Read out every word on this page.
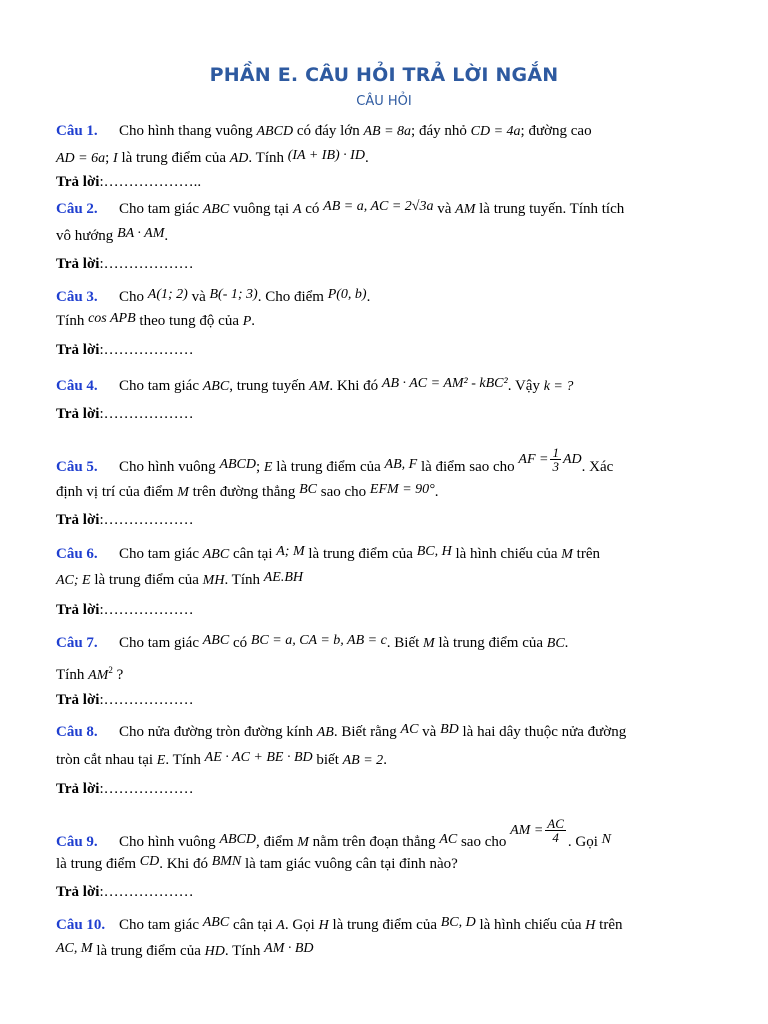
PHẦN E. CÂU HỎI TRẢ LỜI NGẮN
CÂU HỎI
Câu 1. Cho hình thang vuông ABCD có đáy lớn AB = 8a; đáy nhỏ CD = 4a; đường cao
AD = 6a; I là trung điểm của AD. Tính (IA + IB) · ID.
Trả lời:………………..
Câu 2. Cho tam giác ABC vuông tại A có AB = a, AC = 2√3a và AM là trung tuyến. Tính tích
vô hướng BA · AM.
Trả lời:………………
Câu 3. Cho A(1; 2) và B(- 1; 3). Cho điểm P(0, b).
Tính cos APB theo tung độ của P.
Trả lời:………………
Câu 4. Cho tam giác ABC, trung tuyến AM. Khi đó AB · AC = AM² - kBC². Vậy k = ?
Trả lời:………………
Câu 5. Cho hình vuông ABCD; E là trung điểm của AB, F là điểm sao cho AF = $\frac{1}{3}$ AD. Xác
định vị trí của điểm M trên đường thẳng BC sao cho EFM = 90°.
Trả lời:………………
Câu 6. Cho tam giác ABC cân tại A; M là trung điểm của BC, H là hình chiếu của M trên
AC; E là trung điểm của MH. Tính AE.BH
Trả lời:………………
Câu 7. Cho tam giác ABC có BC = a, CA = b, AB = c. Biết M là trung điểm của BC.
Tính $AM^2$ ?
Trả lời:………………
Câu 8. Cho nửa đường tròn đường kính AB. Biết rằng AC và BD là hai dây thuộc nửa đường
tròn cắt nhau tại E. Tính AE · AC + BE · BD biết AB = 2.
Trả lời:………………
Câu 9. Cho hình vuông ABCD, điểm M nằm trên đoạn thẳng AC sao cho AM = $\frac{AC}{4}$ . Gọi N
là trung điểm CD. Khi đó BMN là tam giác vuông cân tại đỉnh nào?
Trả lời:………………
Câu 10. Cho tam giác ABC cân tại A. Gọi H là trung điểm của BC, D là hình chiếu của H trên
AC, M là trung điểm của HD. Tính AM · BD
